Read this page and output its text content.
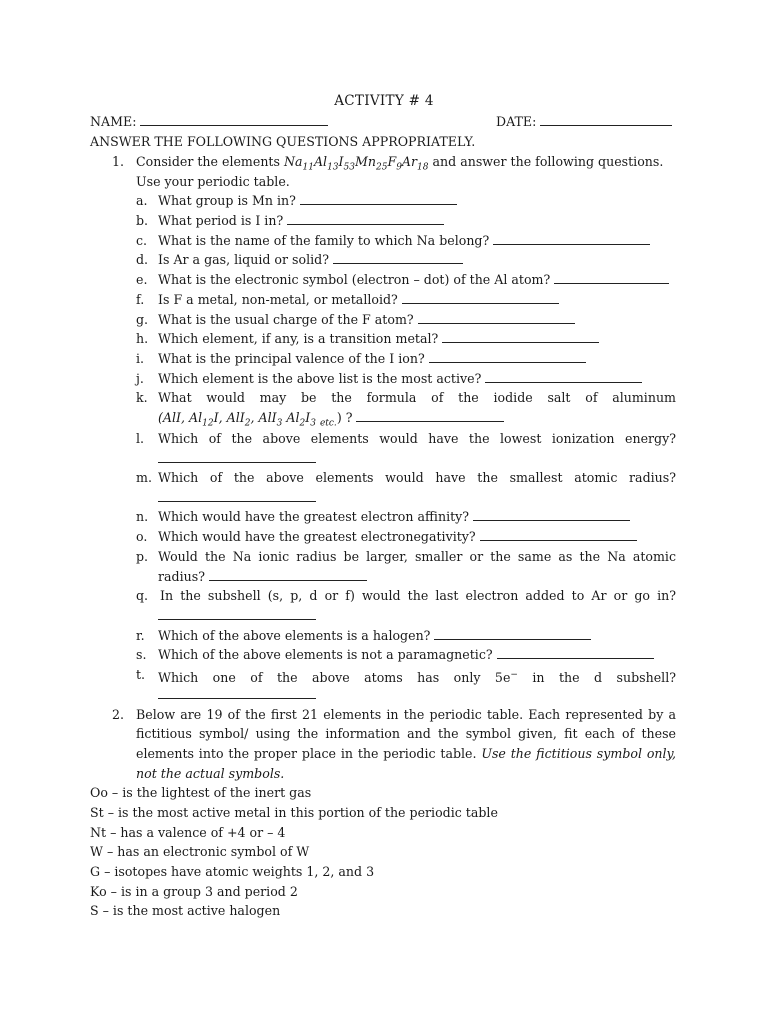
ACTIVITY # 4
NAME:	DATE:
ANSWER THE FOLLOWING QUESTIONS APPROPRIATELY.
1. Consider the elements $Na_{11}Al_{13}I_{53}Mn_{25}F_9Ar_{18}$ and answer the following questions.
Use your periodic table.
a. What group is Mn in?
b. What period is I in?
c. What is the name of the family to which Na belong?
d. Is Ar a gas, liquid or solid?
e. What is the electronic symbol (electron – dot) of the Al atom?
f. Is F a metal, non-metal, or metalloid?
g. What is the usual charge of the F atom?
h. Which element, if any, is a transition metal?
i. What is the principal valence of the I ion?
j. Which element is the above list is the most active?
k. What would may be the formula of the iodide salt of aluminum
(AlI, $Al_{12}I$, AlI$_2$, AlI$_3$ $Al_2I_3$ $_{etc.}$) ?
l. Which of the above elements would have the lowest ionization energy?
m. Which of the above elements would have the smallest atomic radius?
n. Which would have the greatest electron affinity?
o. Which would have the greatest electronegativity?
p. Would the Na ionic radius be larger, smaller or the same as the Na atomic
radius?
q. In the subshell (s, p, d or f) would the last electron added to Ar or go in?
r. Which of the above elements is a halogen?
s. Which of the above elements is not a paramagnetic?
t. Which one of the above atoms has only 5e− in the d subshell?
2. Below are 19 of the first 21 elements in the periodic table. Each represented by a
fictitious symbol/ using the information and the symbol given, fit each of these
elements into the proper place in the periodic table. Use the fictitious symbol only,
not the actual symbols.
Oo – is the lightest of the inert gas
St – is the most active metal in this portion of the periodic table
Nt – has a valence of +4 or – 4
W – has an electronic symbol of W
G – isotopes have atomic weights 1, 2, and 3
Ko – is in a group 3 and period 2
S – is the most active halogen
